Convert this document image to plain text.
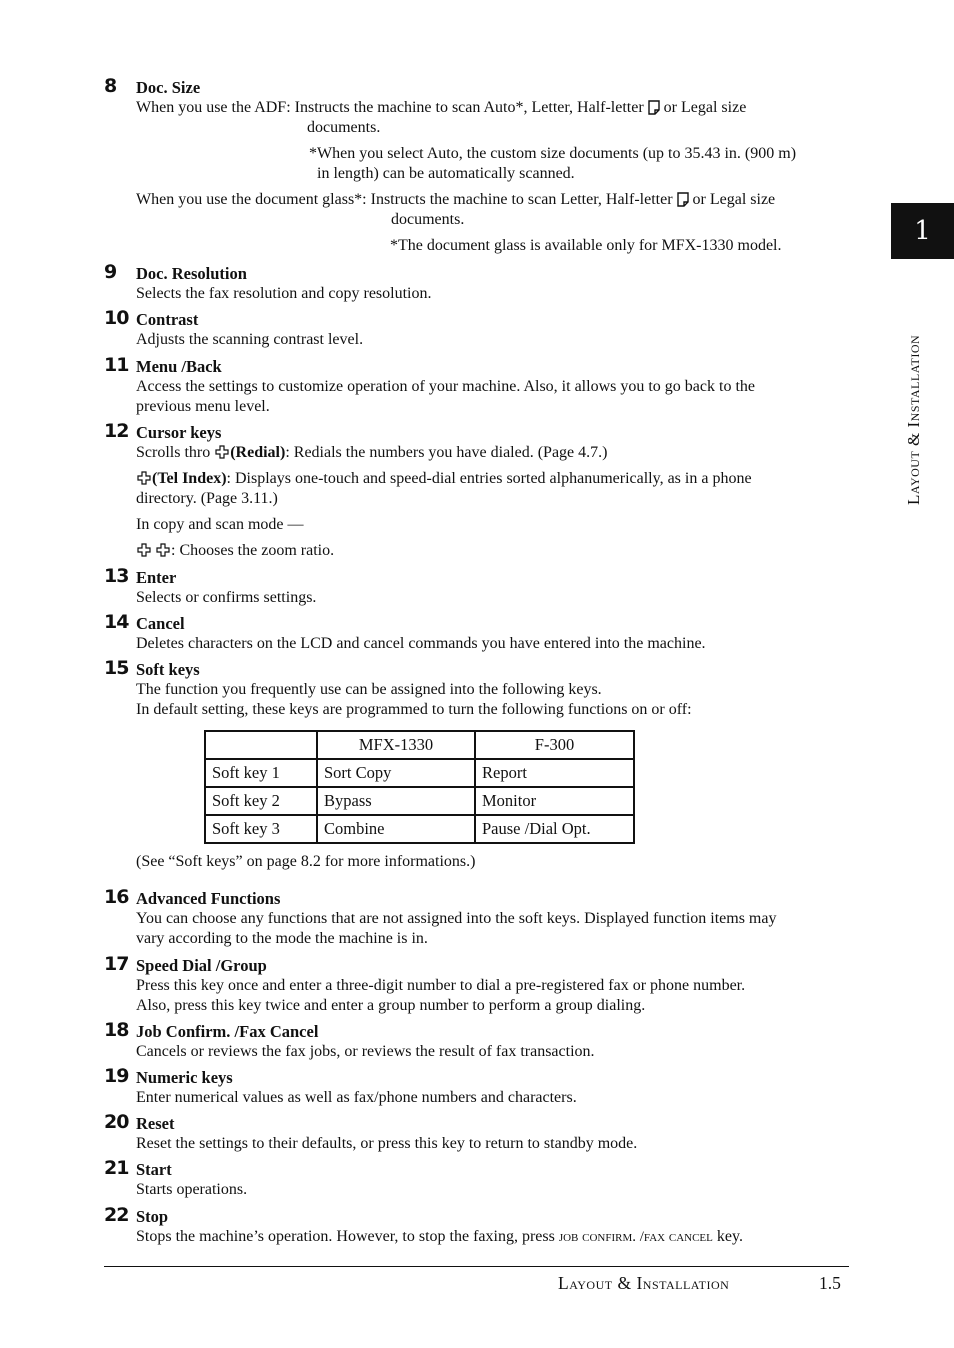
1
Layout & Installation
8 Doc. Size
When you use the ADF: Instructs the machine to scan Auto*, Letter, Half-letter or Legal size
documents.
*When you select Auto, the custom size documents (up to 35.43 in. (900 m)
in length) can be automatically scanned.
When you use the document glass*: Instructs the machine to scan Letter, Half-letter or Legal size
documents.
*The document glass is available only for MFX-1330 model.
9 Doc. Resolution
Selects the fax resolution and copy resolution.
10 Contrast
Adjusts the scanning contrast level.
11 Menu /Back
Access the settings to customize operation of your machine. Also, it allows you to go back to the
previous menu level.
12 Cursor keys
Scrolls thro (Redial): Redials the numbers you have dialed. (Page 4.7.)
(Tel Index): Displays one-touch and speed-dial entries sorted alphanumerically, as in a phone
directory. (Page 3.11.)
In copy and scan mode —
: Chooses the zoom ratio.
13 Enter
Selects or confirms settings.
14 Cancel
Deletes characters on the LCD and cancel commands you have entered into the machine.
15 Soft keys
The function you frequently use can be assigned into the following keys.
In default setting, these keys are programmed to turn the following functions on or off:
	MFX-1330	F-300
Soft key 1	Sort Copy	Report
Soft key 2	Bypass	Monitor
Soft key 3	Combine	Pause /Dial Opt.
(See “Soft keys” on page 8.2 for more informations.)
16 Advanced Functions
You can choose any functions that are not assigned into the soft keys. Displayed function items may
vary according to the mode the machine is in.
17 Speed Dial /Group
Press this key once and enter a three-digit number to dial a pre-registered fax or phone number.
Also, press this key twice and enter a group number to perform a group dialing.
18 Job Confirm. /Fax Cancel
Cancels or reviews the fax jobs, or reviews the result of fax transaction.
19 Numeric keys
Enter numerical values as well as fax/phone numbers and characters.
20 Reset
Reset the settings to their defaults, or press this key to return to standby mode.
21 Start
Starts operations.
22 Stop
Stops the machine’s operation. However, to stop the faxing, press job confirm. /fax cancel key.
Layout & Installation	1.5
